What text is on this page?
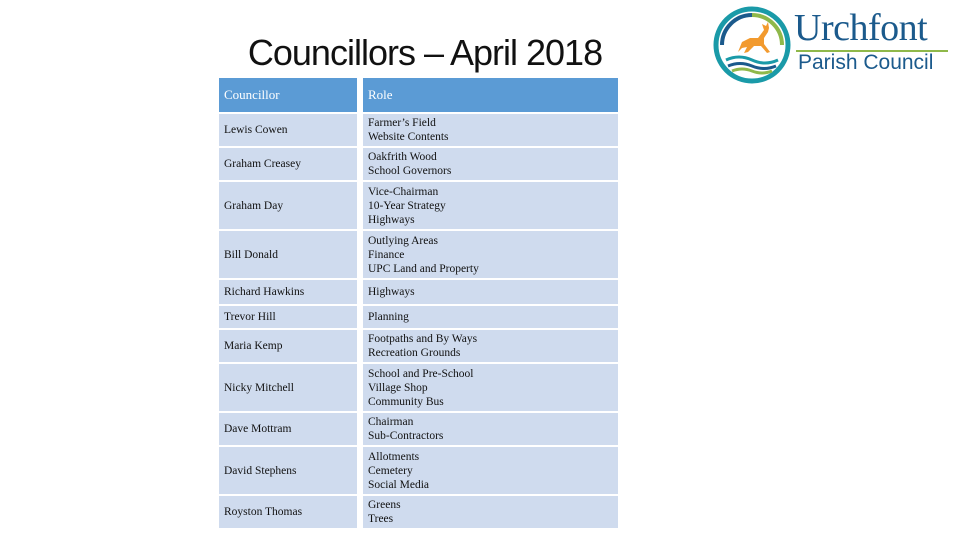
Councillors – April 2018
Urchfont
Parish Council
Councillor	Role
Lewis Cowen	Farmer’s Field
Website Contents

Graham Creasey	Oakfrith Wood
School Governors

Graham Day	Vice-Chairman
10-Year Strategy
Highways

Bill Donald	Outlying Areas
Finance
UPC Land and Property

Richard Hawkins	Highways

Trevor Hill	Planning

Maria Kemp	Footpaths and By Ways
Recreation Grounds

Nicky Mitchell	School and Pre-School
Village Shop
Community Bus

Dave Mottram	Chairman
Sub-Contractors

David Stephens	Allotments
Cemetery
Social Media

Royston Thomas	Greens
Trees
